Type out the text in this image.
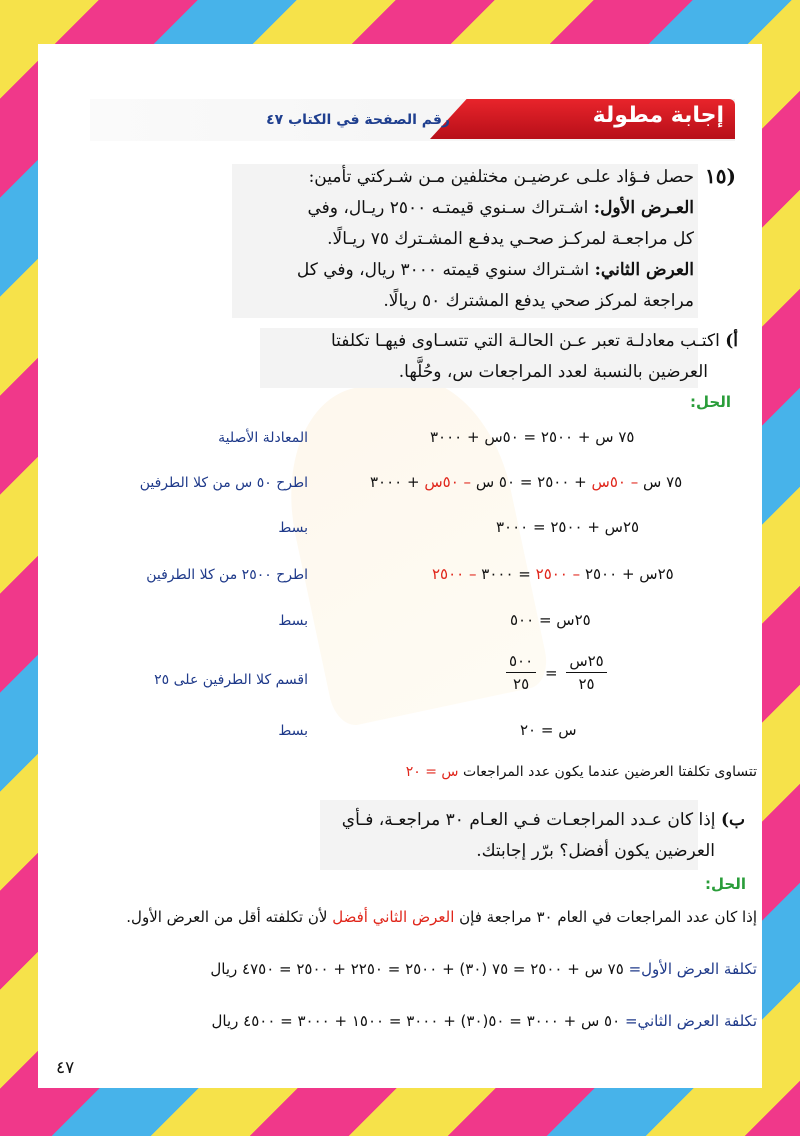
إجابة مطولة
رقم الصفحة في الكتاب ٤٧
١٥)
حصل فـؤاد علـى عرضيـن مختلفين مـن شـركتي تأمين:
العـرض الأول: اشـتراك سـنوي قيمتـه ٢٥٠٠ ريـال، وفي
كل مراجعـة لمركـز صحـي يدفـع المشـترك ٧٥ ريـالًا.
العرض الثاني: اشـتراك سنوي قيمته ٣٠٠٠ ريال، وفي كل
مراجعة لمركز صحي يدفع المشترك ٥٠ ريالًا.
أ) اكتـب معادلـة تعبر عـن الحالـة التي تتسـاوى فيهـا تكلفتا
العرضين بالنسبة لعدد المراجعات س، وحُلَّها.
الحل:
٧٥ س + ٢٥٠٠ = ٥٠س + ٣٠٠٠
المعادلة الأصلية
٧٥ س – ٥٠س + ٢٥٠٠ = ٥٠ س – ٥٠س + ٣٠٠٠
اطرح ٥٠ س من كلا الطرفين
٢٥س + ٢٥٠٠ = ٣٠٠٠
بسط
٢٥س + ٢٥٠٠ – ٢٥٠٠ = ٣٠٠٠ – ٢٥٠٠
اطرح ٢٥٠٠ من كلا الطرفين
٢٥س = ٥٠٠
بسط
$\frac{٥٠٠}{٢٥} = \frac{\text{٢٥س}}{٢٥}$
اقسم كلا الطرفين على ٢٥
س = ٢٠
بسط
تتساوى تكلفتا العرضين عندما يكون عدد المراجعات س = ٢٠
ب) إذا كان عـدد المراجعـات فـي العـام ٣٠ مراجعـة، فـأي
العرضين يكون أفضل؟ برّر إجابتك.
الحل:
إذا كان عدد المراجعات في العام ٣٠ مراجعة فإن العرض الثاني أفضل لأن تكلفته أقل من العرض الأول.
تكلفة العرض الأول= ٧٥ س + ٢٥٠٠ = ٧٥ (٣٠) + ٢٥٠٠ = ٢٢٥٠ + ٢٥٠٠ = ٤٧٥٠ ريال
تكلفة العرض الثاني= ٥٠ س + ٣٠٠٠ = ٥٠(٣٠) + ٣٠٠٠ = ١٥٠٠ + ٣٠٠٠ = ٤٥٠٠ ريال
٤٧
